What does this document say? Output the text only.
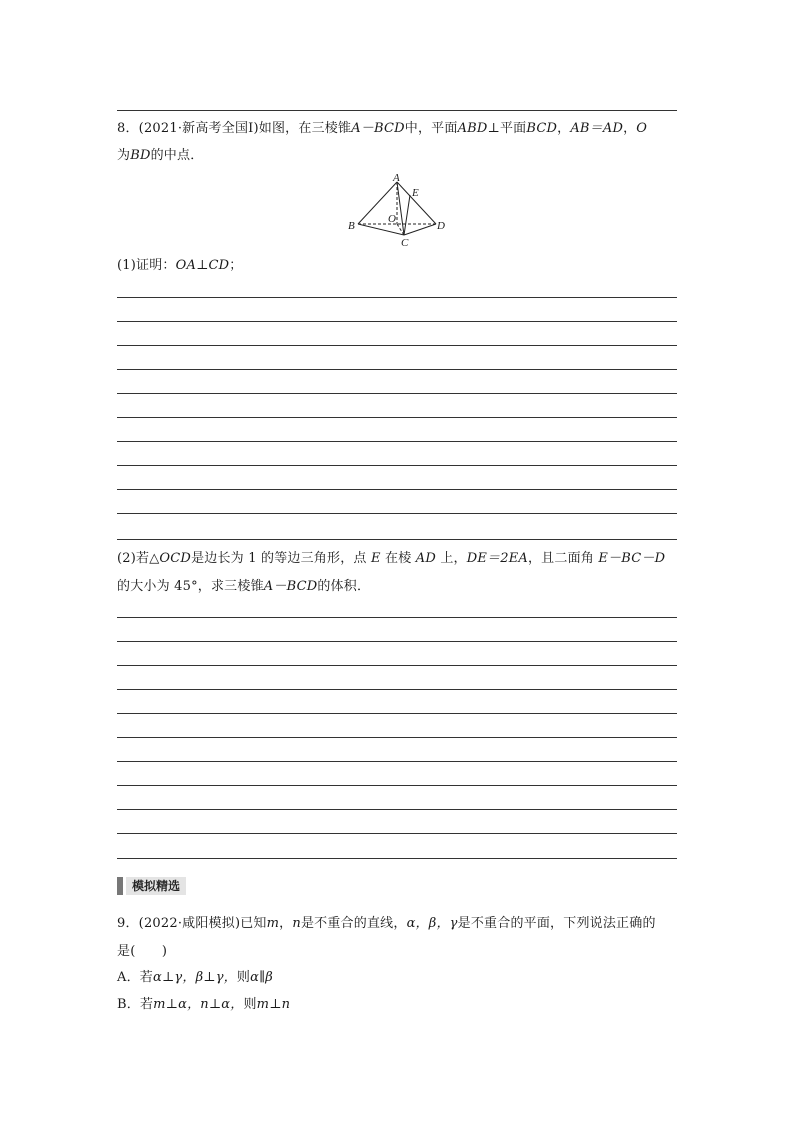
8．(2021·新高考全国Ⅰ)如图，在三棱锥A－BCD中，平面ABD⊥平面BCD，AB＝AD，O
为BD的中点．
A
E
O
B
C
D
(1)证明：OA⊥CD；
(2)若△OCD是边长为 1 的等边三角形，点 E 在棱 AD 上，DE＝2EA，且二面角 E－BC－D
的大小为 45°，求三棱锥A－BCD的体积．
模拟精选
9．(2022·咸阳模拟)已知m，n是不重合的直线，α，β，γ是不重合的平面，下列说法正确的
是(　　)
A．若α⊥γ，β⊥γ，则α∥β
B．若m⊥α，n⊥α，则m⊥n
